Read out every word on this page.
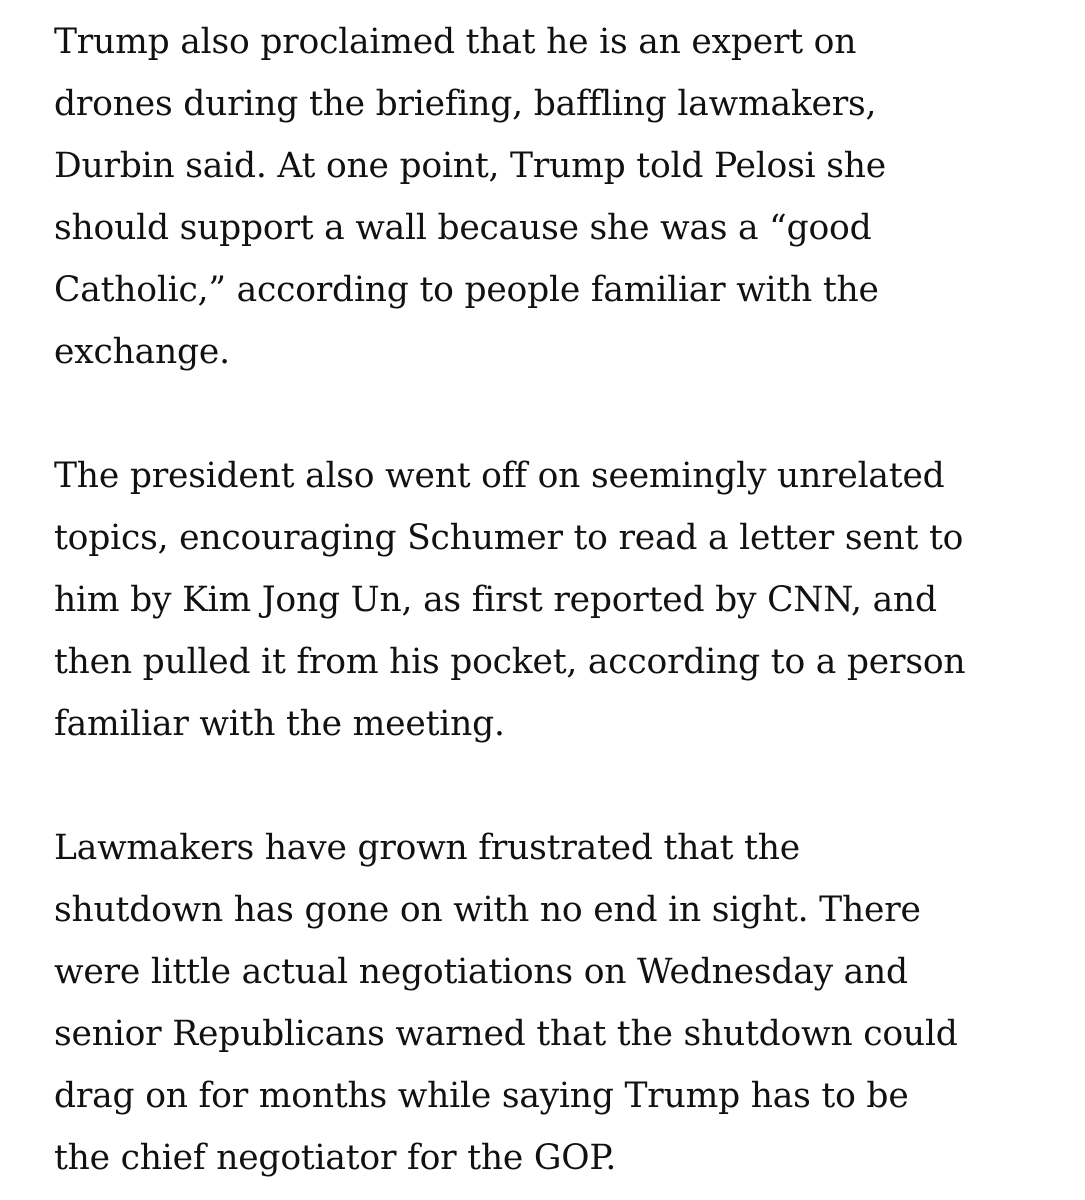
Trump also proclaimed that he is an expert on
drones during the briefing, baffling lawmakers,
Durbin said. At one point, Trump told Pelosi she
should support a wall because she was a “good
Catholic,” according to people familiar with the
exchange.

The president also went off on seemingly unrelated
topics, encouraging Schumer to read a letter sent to
him by Kim Jong Un, as first reported by CNN, and
then pulled it from his pocket, according to a person
familiar with the meeting.

Lawmakers have grown frustrated that the
shutdown has gone on with no end in sight. There
were little actual negotiations on Wednesday and
senior Republicans warned that the shutdown could
drag on for months while saying Trump has to be
the chief negotiator for the GOP.
